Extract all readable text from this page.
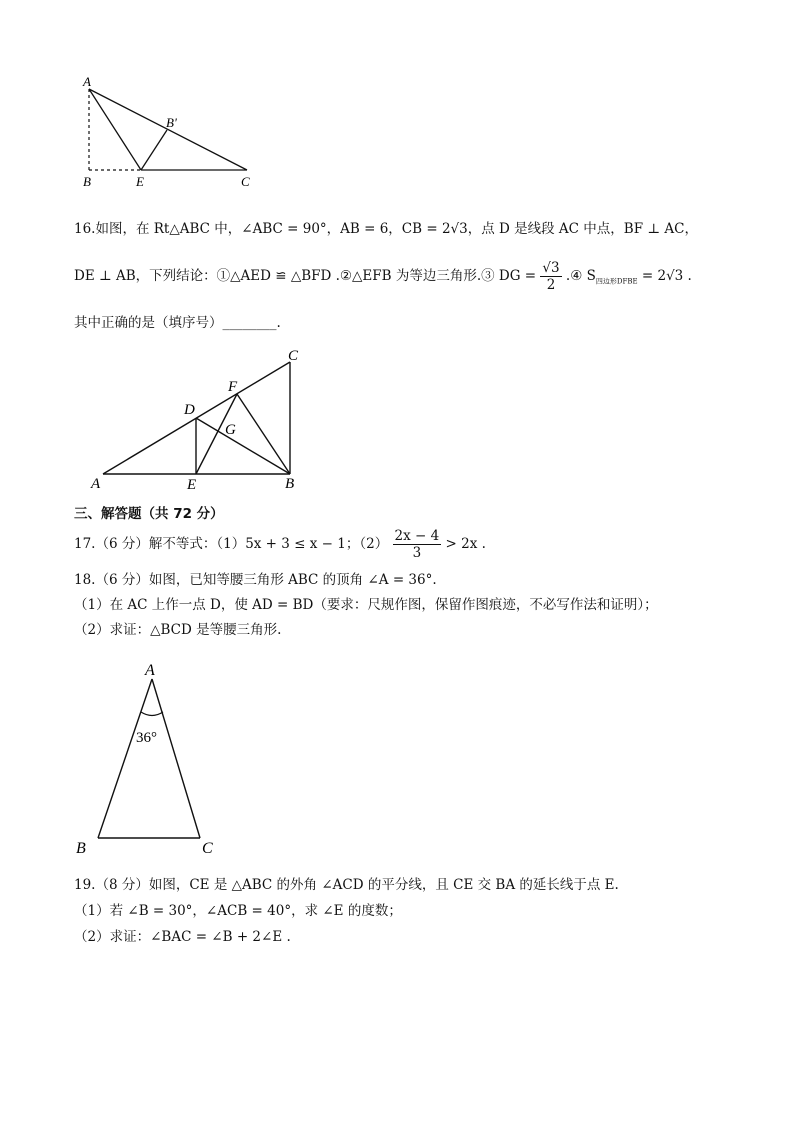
A
B'
B	E	C
16.如图，在 Rt△ABC 中，∠ABC = 90°，AB = 6，CB = 2√3，点 D 是线段 AC 中点，BF ⊥ AC，
DE ⊥ AB，下列结论：①△AED ≌ △BFD .②△EFB 为等边三角形.③ DG = $\frac{√3}{2}$ .④ $S_{四边形DFBE} = 2√3$ .
其中正确的是（填序号）________.
C
F
D
G
A	E	B
三、解答题（共 72 分）
17.（6 分）解不等式：（1）5x + 3 ≤ x − 1；$(2) \frac{2x - 4}{3} > 2x$ .
18.（6 分）如图，已知等腰三角形 ABC 的顶角 ∠A = 36°.
（1）在 AC 上作一点 D，使 AD = BD（要求：尺规作图，保留作图痕迹，不必写作法和证明）；
（2）求证：△BCD 是等腰三角形.
A
36°
B	C
19.（8 分）如图，CE 是 △ABC 的外角 ∠ACD 的平分线，且 CE 交 BA 的延长线于点 E.
（1）若 ∠B = 30°，∠ACB = 40°，求 ∠E 的度数；
（2）求证：∠BAC = ∠B + 2∠E .
